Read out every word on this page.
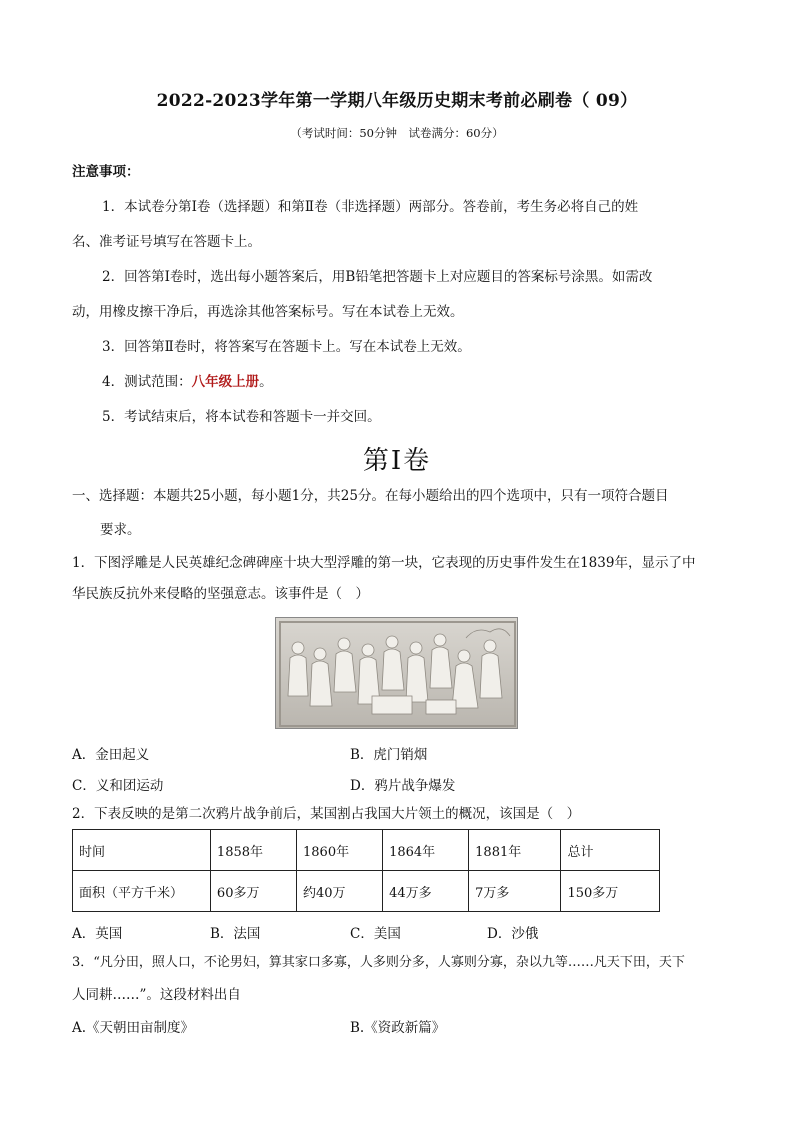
2022-2023学年第一学期八年级历史期末考前必刷卷（ 09）
（考试时间：50分钟　试卷满分：60分）
注意事项：
1．本试卷分第Ⅰ卷（选择题）和第Ⅱ卷（非选择题）两部分。答卷前，考生务必将自己的姓
名、准考证号填写在答题卡上。
2．回答第Ⅰ卷时，选出每小题答案后，用B铅笔把答题卡上对应题目的答案标号涂黑。如需改
动，用橡皮擦干净后，再选涂其他答案标号。写在本试卷上无效。
3．回答第Ⅱ卷时，将答案写在答题卡上。写在本试卷上无效。
4．测试范围：八年级上册。
5．考试结束后，将本试卷和答题卡一并交回。
第Ⅰ卷
一、选择题：本题共25小题，每小题1分，共25分。在每小题给出的四个选项中，只有一项符合题目
要求。
1．下图浮雕是人民英雄纪念碑碑座十块大型浮雕的第一块，它表现的历史事件发生在1839年，显示了中
华民族反抗外来侵略的坚强意志。该事件是（　）
A．金田起义	B．虎门销烟
C．义和团运动	D．鸦片战争爆发
2．下表反映的是第二次鸦片战争前后，某国割占我国大片领土的概况，该国是（　）
时间	1858年	1860年	1864年	1881年	总计
面积（平方千米）	60多万	约40万	44万多	7万多	150多万
A．英国	B．法国	C．美国	D．沙俄
3．“凡分田，照人口，不论男妇，算其家口多寡，人多则分多，人寡则分寡，杂以九等……凡天下田，天下
人同耕……”。这段材料出自
A.《天朝田亩制度》	B.《资政新篇》
